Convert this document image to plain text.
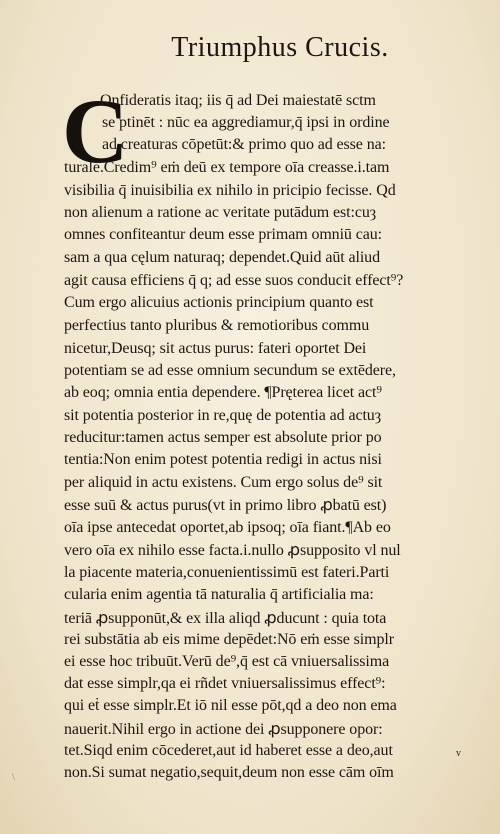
Triumphus Crucis.
C
Onfideratis itaq; iis q̄ ad Dei maiestatē sctm
se ptinēt : nūc ea aggrediamur,q̄ ipsi in ordine
ad creaturas cōpetūt:& primo quo ad esse na:
turale.Credim⁹ eṁ deū ex tempore oīa creasse.i.tam
visibilia q̄ inuisibilia ex nihilo in pricipio fecisse. Qd
non alienum a ratione ac veritate putādum est:cuȝ
omnes confiteantur deum esse primam omniū cau:
sam a qua cęlum naturaq; dependet.Quid aūt aliud
agit causa efficiens q̄ q; ad esse suos conducit effect⁹?
Cum ergo alicuius actionis principium quanto est
perfectius tanto pluribus & remotioribus commu
nicetur,Deusq; sit actus purus: fateri oportet Dei
potentiam se ad esse omnium secundum se extēdere,
ab eoq; omnia entia dependere. ¶Pręterea licet act⁹
sit potentia posterior in re,quę de potentia ad actuȝ
reducitur:tamen actus semper est absolute prior po
tentia:Non enim potest potentia redigi in actus nisi
per aliquid in actu existens. Cum ergo solus de⁹ sit
esse suū & actus purus(vt in primo libro ꝓbatū est)
oīa ipse antecedat oportet,ab ipsoq; oīa fiant.¶Ab eo
vero oīa ex nihilo esse facta.i.nullo ꝓsupposito vl nul
la piacente materia,conuenientissimū est fateri.Parti
cularia enim agentia tā naturalia q̄ artificialia ma:
teriā ꝓsupponūt,& ex illa aliqd ꝓducunt : quia tota
rei substātia ab eis mime depēdet:Nō eṁ esse simplr
ei esse hoc tribuūt.Verū de⁹,q̄ est cā vniuersalissima
dat esse simplr,qa ei rñdet vniuersalissimus effect⁹:
qui eṫ esse simplr.Et iō nil esse pōt,qd a deo non ema
nauerit.Nihil ergo in actione dei ꝓsupponere opor:
tet.Siqd enim cōcederet,aut id haberet esse a deo,aut
non.Si sumat negatio,sequit,deum non esse cām oīm
v
\
